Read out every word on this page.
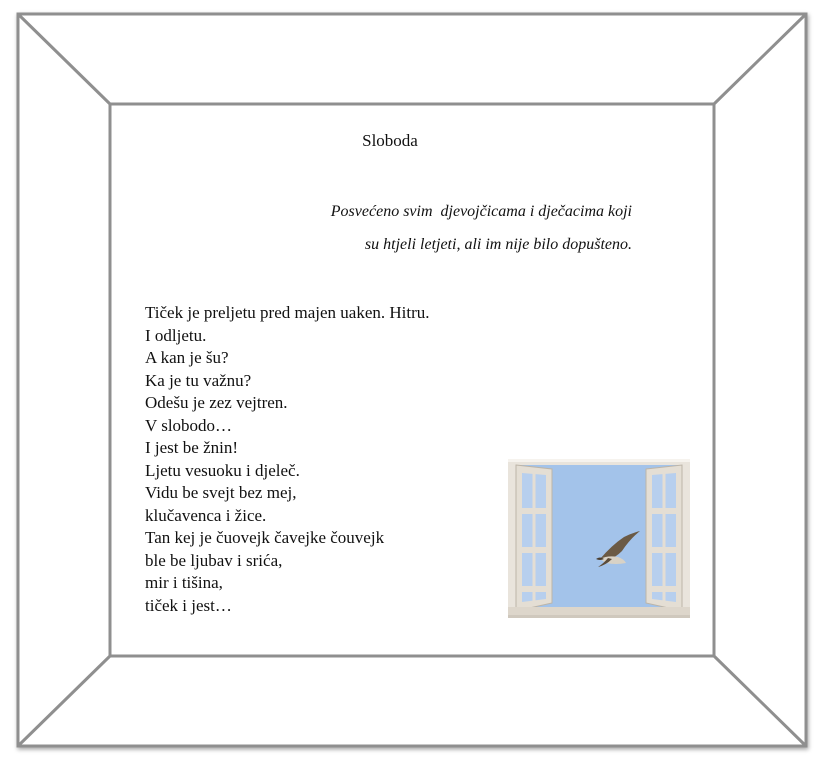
Sloboda
Posvećeno svim  djevojčicama i dječacima koji
su htjeli letjeti, ali im nije bilo dopušteno.
Tiček je preljetu pred majen uaken. Hitru.
I odljetu.
A kan je šu?
Ka je tu važnu?
Odešu je zez vejtren.
V slobodo…
I jest be žnin!
Ljetu vesuoku i djeleč.
Vidu be svejt bez mej,
klučavenca i žice.
Tan kej je čuovejk čavejke čouvejk
ble be ljubav i srića,
mir i tišina,
tiček i jest…
